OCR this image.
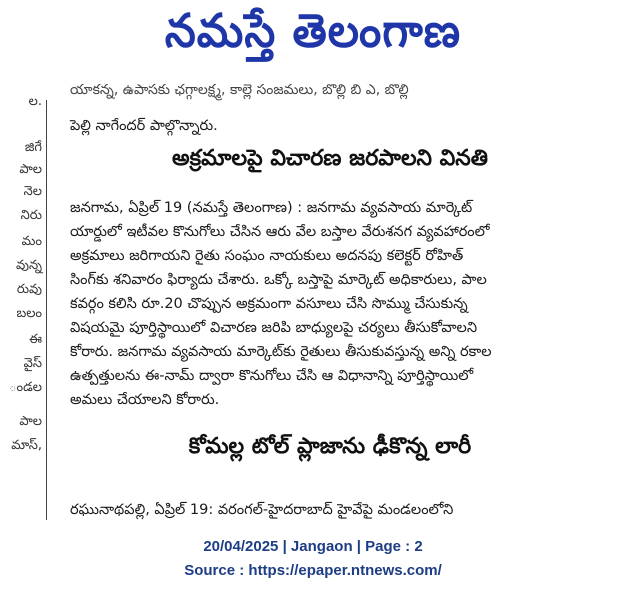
నమస్తే తెలంగాణ
ల.
జిగే
పాల
నెల
నిరు
మం
వున్న
రువు
బలం
ఈ
వైస్
ండల
పాల
మాస్,
యాకన్న, ఉపాసకు ఛగ్గాలక్ష్మ, కాల్లె సంజమలు, బొల్లి బి ఎ, బొల్లి
పెల్లి నాగేందర్ పాల్గొన్నారు.
అక్రమాలపై విచారణ జరపాలని వినతి
జనగామ, ఏప్రిల్ 19 (నమస్తే తెలంగాణ) : జనగామ వ్యవసాయ మార్కెట్
యార్డులో ఇటీవల కొనుగోలు చేసిన ఆరు వేల బస్తాల వేరుశనగ వ్యవహారంలో
అక్రమాలు జరిగాయని రైతు సంఘం నాయకులు అదనపు కలెక్టర్ రోహిత్
సింగ్‌కు శనివారం ఫిర్యాదు చేశారు. ఒక్కో బస్తాపై మార్కెట్ అధికారులు, పాల
కవర్గం కలిసి రూ.20 చొప్పున అక్రమంగా వసూలు చేసి సొమ్ము చేసుకున్న
విషయమై పూర్తిస్థాయిలో విచారణ జరిపి బాధ్యులపై చర్యలు తీసుకోవాలని
కోరారు. జనగామ వ్యవసాయ మార్కెట్‌కు రైతులు తీసుకువస్తున్న అన్ని రకాల
ఉత్పత్తులను ఈ-నామ్ ద్వారా కొనుగోలు చేసి ఆ విధానాన్ని పూర్తిస్థాయిలో
అమలు చేయాలని కోరారు.
కోమల్ల టోల్ ప్లాజాను ఢీకొన్న లారీ
రఘునాథపల్లి, ఏప్రిల్ 19: వరంగల్-హైదరాబాద్ హైవేపై మండలంలోని
20/04/2025 | Jangaon | Page : 2
Source : https://epaper.ntnews.com/
